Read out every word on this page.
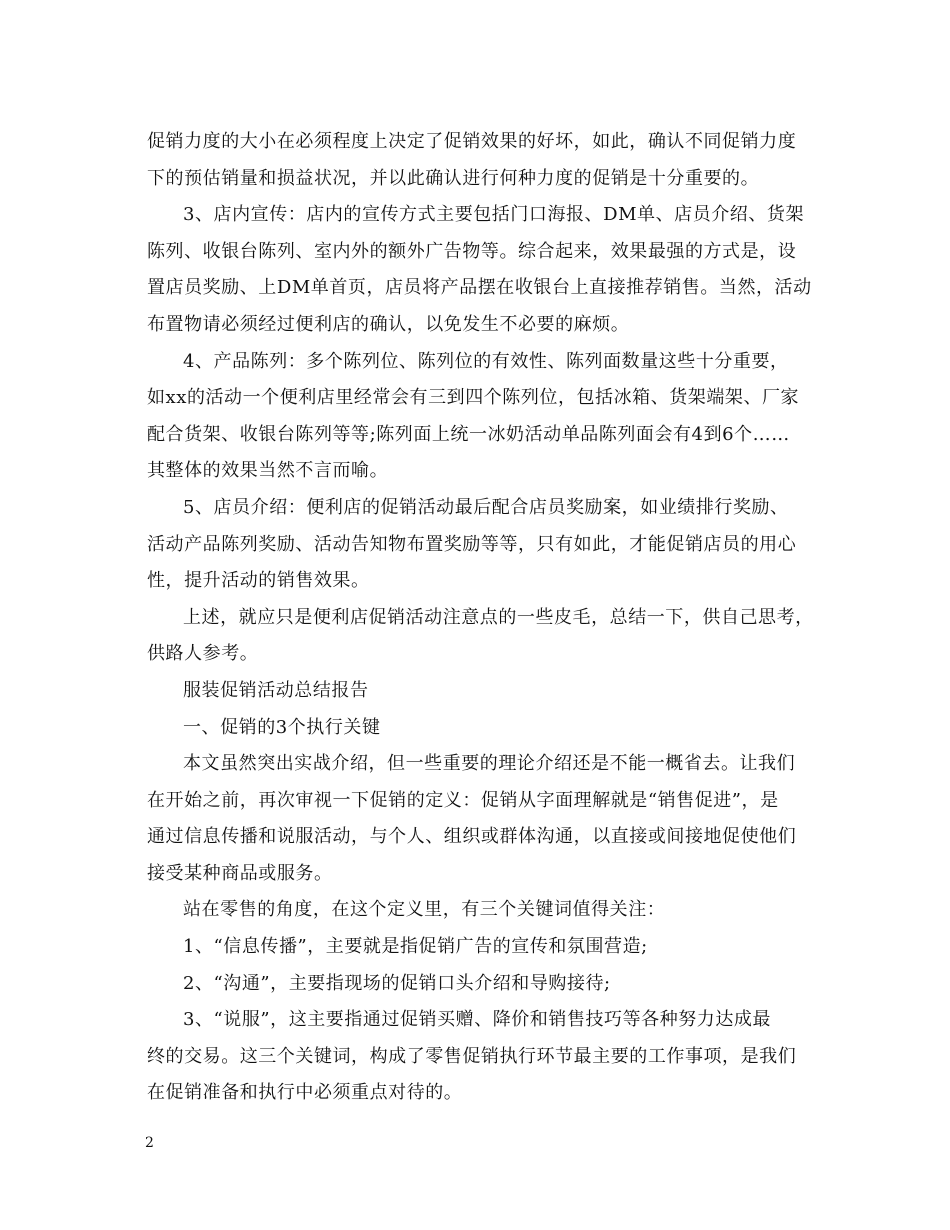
促销力度的大小在必须程度上决定了促销效果的好坏，如此，确认不同促销力度
下的预估销量和损益状况，并以此确认进行何种力度的促销是十分重要的。
3、店内宣传：店内的宣传方式主要包括门口海报、DM单、店员介绍、货架
陈列、收银台陈列、室内外的额外广告物等。综合起来，效果最强的方式是，设
置店员奖励、上DM单首页，店员将产品摆在收银台上直接推荐销售。当然，活动
布置物请必须经过便利店的确认，以免发生不必要的麻烦。
4、产品陈列：多个陈列位、陈列位的有效性、陈列面数量这些十分重要，
如xx的活动一个便利店里经常会有三到四个陈列位，包括冰箱、货架端架、厂家
配合货架、收银台陈列等等;陈列面上统一冰奶活动单品陈列面会有4到6个……
其整体的效果当然不言而喻。
5、店员介绍：便利店的促销活动最后配合店员奖励案，如业绩排行奖励、
活动产品陈列奖励、活动告知物布置奖励等等，只有如此，才能促销店员的用心
性，提升活动的销售效果。
上述，就应只是便利店促销活动注意点的一些皮毛，总结一下，供自己思考，
供路人参考。
服装促销活动总结报告
一、促销的3个执行关键
本文虽然突出实战介绍，但一些重要的理论介绍还是不能一概省去。让我们
在开始之前，再次审视一下促销的定义：促销从字面理解就是“销售促进”，是
通过信息传播和说服活动，与个人、组织或群体沟通，以直接或间接地促使他们
接受某种商品或服务。
站在零售的角度，在这个定义里，有三个关键词值得关注：
1、“信息传播”，主要就是指促销广告的宣传和氛围营造;
2、“沟通”，主要指现场的促销口头介绍和导购接待;
3、“说服”，这主要指通过促销买赠、降价和销售技巧等各种努力达成最
终的交易。这三个关键词，构成了零售促销执行环节最主要的工作事项，是我们
在促销准备和执行中必须重点对待的。
2
